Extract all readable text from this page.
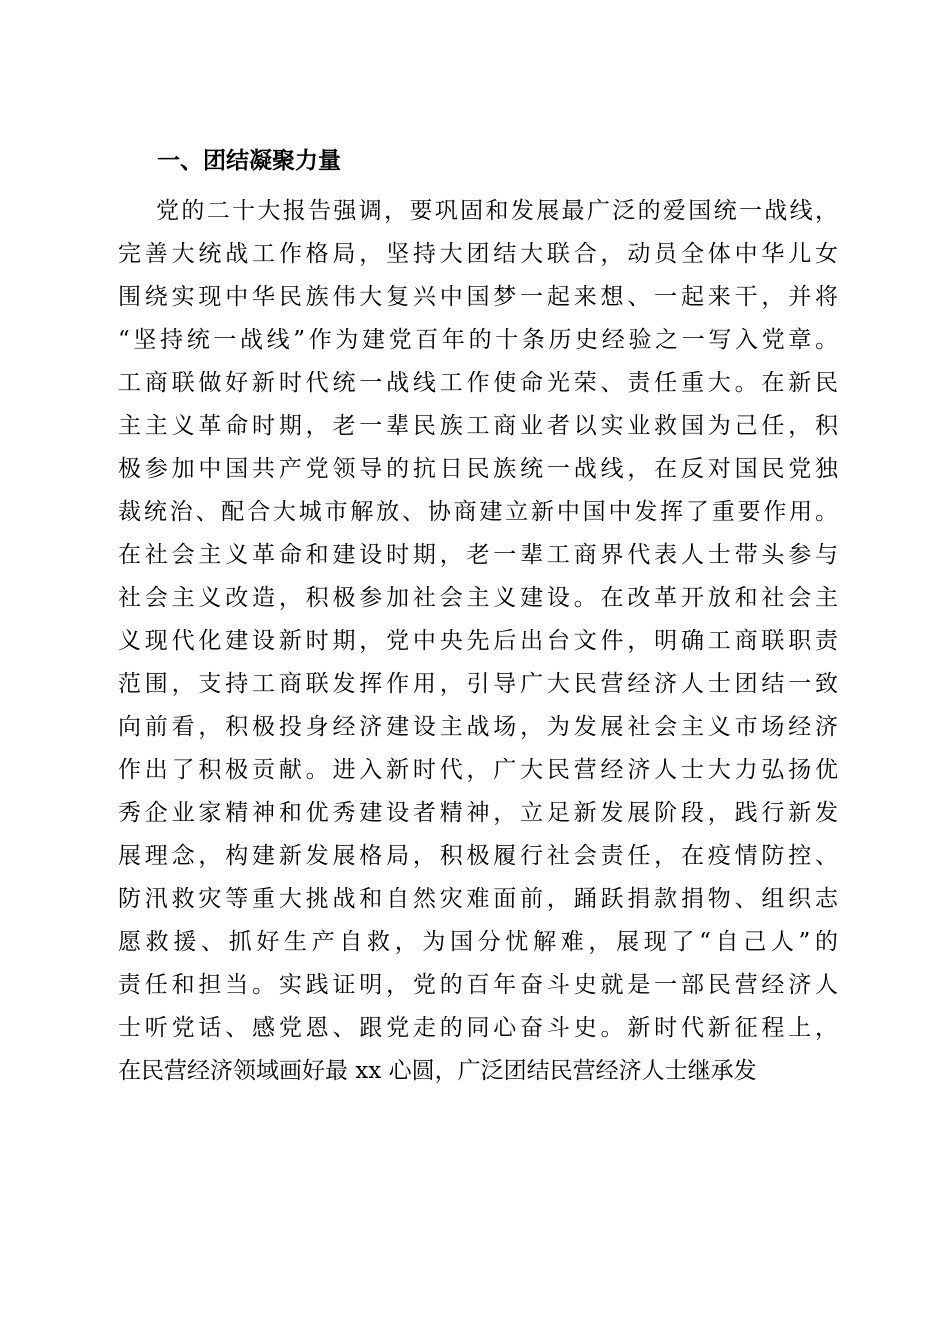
一、团结凝聚力量
党的二十大报告强调，要巩固和发展最广泛的爱国统一战线，
完善大统战工作格局，坚持大团结大联合，动员全体中华儿女
围绕实现中华民族伟大复兴中国梦一起来想、一起来干，并将
“坚持统一战线”作为建党百年的十条历史经验之一写入党章。
工商联做好新时代统一战线工作使命光荣、责任重大。在新民
主主义革命时期，老一辈民族工商业者以实业救国为己任，积
极参加中国共产党领导的抗日民族统一战线，在反对国民党独
裁统治、配合大城市解放、协商建立新中国中发挥了重要作用。
在社会主义革命和建设时期，老一辈工商界代表人士带头参与
社会主义改造，积极参加社会主义建设。在改革开放和社会主
义现代化建设新时期，党中央先后出台文件，明确工商联职责
范围，支持工商联发挥作用，引导广大民营经济人士团结一致
向前看，积极投身经济建设主战场，为发展社会主义市场经济
作出了积极贡献。进入新时代，广大民营经济人士大力弘扬优
秀企业家精神和优秀建设者精神，立足新发展阶段，践行新发
展理念，构建新发展格局，积极履行社会责任，在疫情防控、
防汛救灾等重大挑战和自然灾难面前，踊跃捐款捐物、组织志
愿救援、抓好生产自救，为国分忧解难，展现了“自己人”的
责任和担当。实践证明，党的百年奋斗史就是一部民营经济人
士听党话、感党恩、跟党走的同心奋斗史。新时代新征程上，
在民营经济领域画好最 xx 心圆，广泛团结民营经济人士继承发
